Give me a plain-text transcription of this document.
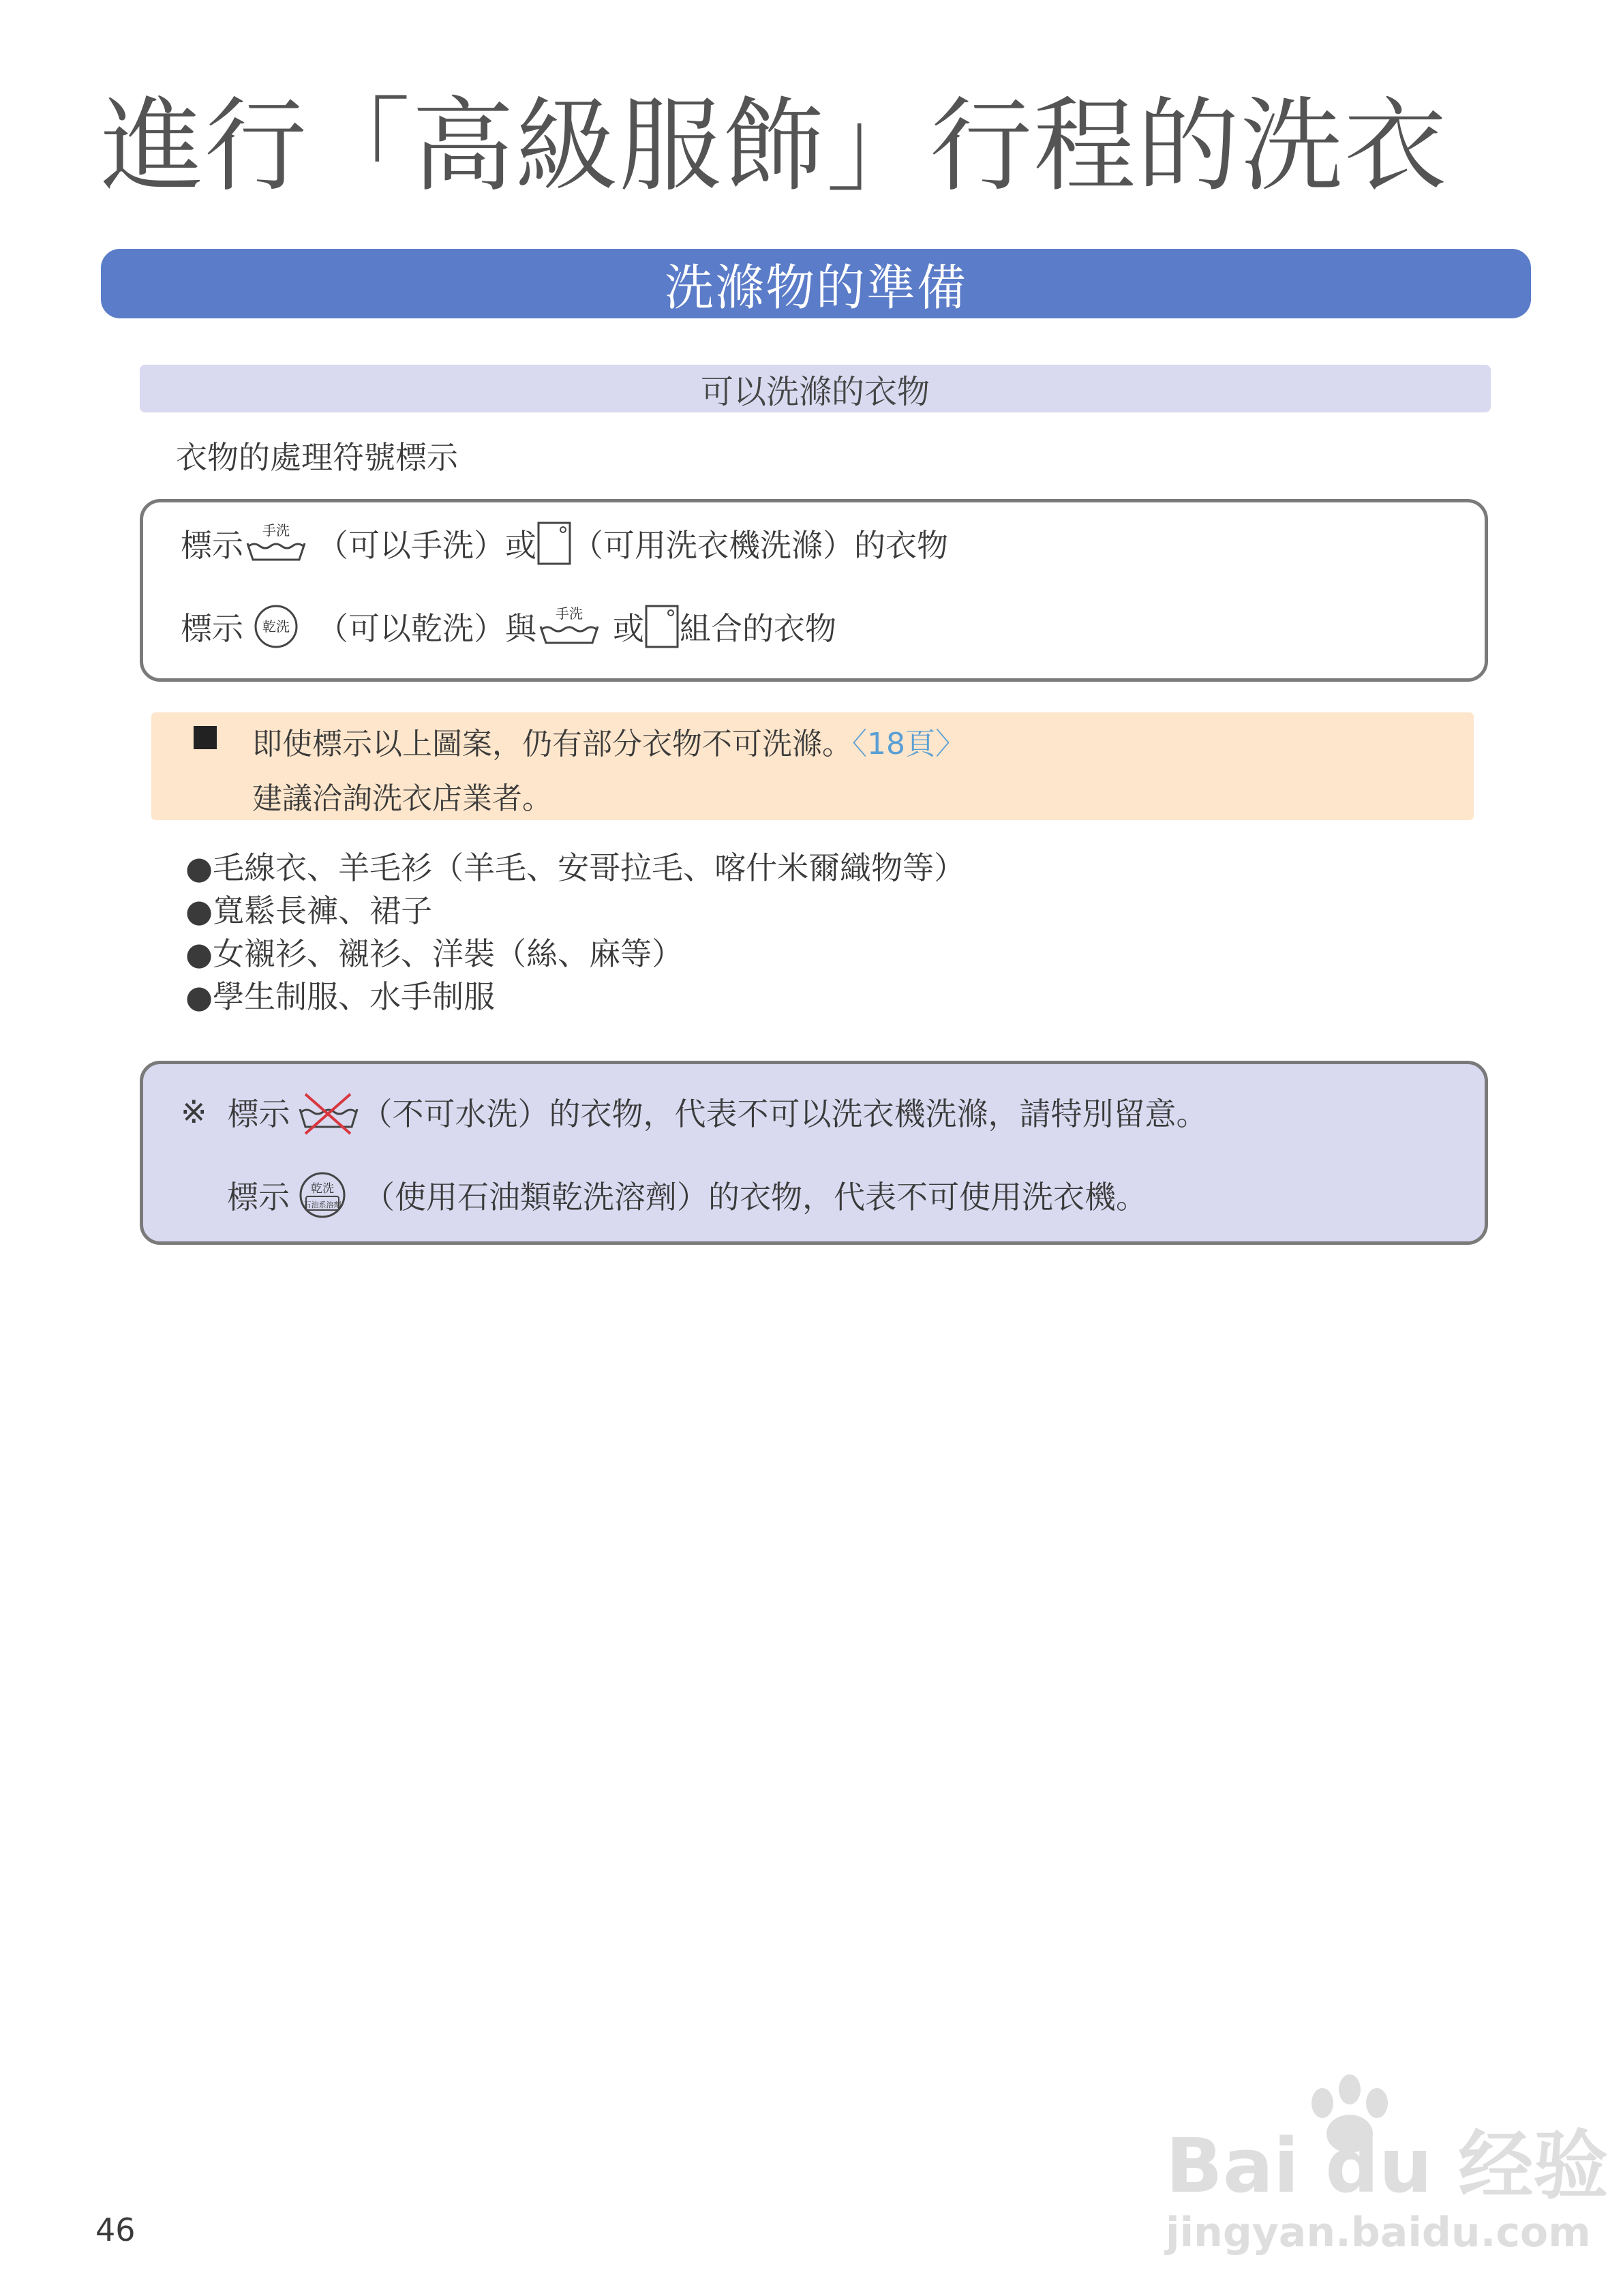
進行「高級服飾」行程的洗衣
洗滌物的準備
可以洗滌的衣物
衣物的處理符號標示
標示 手洗 （可以手洗）或 （可用洗衣機洗滌）的衣物
標示 乾洗 （可以乾洗）與 手洗 或 組合的衣物
即使標示以上圖案，仍有部分衣物不可洗滌。〈18頁〉
建議洽詢洗衣店業者。
●毛線衣、羊毛衫（羊毛、安哥拉毛、喀什米爾織物等）
●寬鬆長褲、裙子
●女襯衫、襯衫、洋裝（絲、麻等）
●學生制服、水手制服
※ 標示 （不可水洗）的衣物，代表不可以洗衣機洗滌，請特別留意。
標示 乾洗
石油系溶劑 （使用石油類乾洗溶劑）的衣物，代表不可使用洗衣機。
46
Bai du 经验
jingyan.baidu.com
